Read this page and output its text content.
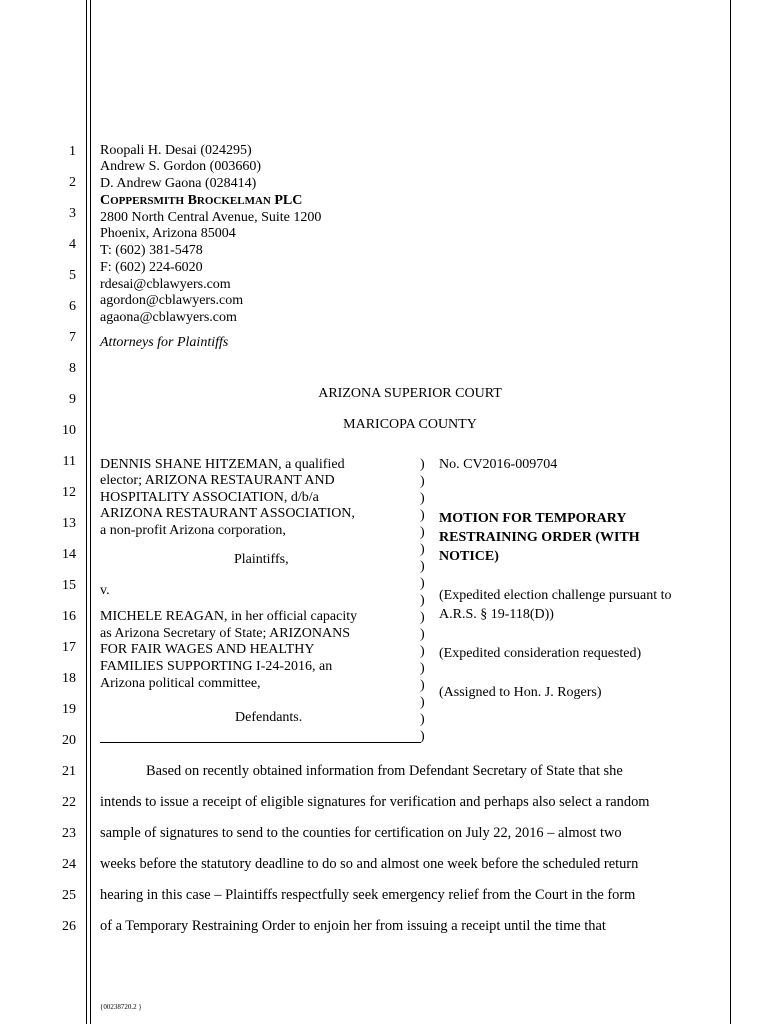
1
2
3
4
5
6
7
8
9
10
11
12
13
14
15
16
17
18
19
20
21
22
23
24
25
26
Roopali H. Desai (024295)
Andrew S. Gordon (003660)
D. Andrew Gaona (028414)
COPPERSMITH BROCKELMAN PLC
2800 North Central Avenue, Suite 1200
Phoenix, Arizona 85004
T: (602) 381-5478
F: (602) 224-6020
rdesai@cblawyers.com
agordon@cblawyers.com
agaona@cblawyers.com
Attorneys for Plaintiffs
ARIZONA SUPERIOR COURT
MARICOPA COUNTY
DENNIS SHANE HITZEMAN, a qualified
elector; ARIZONA RESTAURANT AND
HOSPITALITY ASSOCIATION, d/b/a
ARIZONA RESTAURANT ASSOCIATION,
a non-profit Arizona corporation,
Plaintiffs,
v.
MICHELE REAGAN, in her official capacity
as Arizona Secretary of State; ARIZONANS
FOR FAIR WAGES AND HEALTHY
FAMILIES SUPPORTING I-24-2016, an
Arizona political committee,
Defendants.
)
)
)
)
)
)
)
)
)
)
)
)
)
)
)
)
)
No. CV2016-009704
MOTION FOR TEMPORARY
RESTRAINING ORDER (WITH
NOTICE)
(Expedited election challenge pursuant to
A.R.S. § 19-118(D))
(Expedited consideration requested)
(Assigned to Hon. J. Rogers)
Based on recently obtained information from Defendant Secretary of State that she
intends to issue a receipt of eligible signatures for verification and perhaps also select a random
sample of signatures to send to the counties for certification on July 22, 2016 – almost two
weeks before the statutory deadline to do so and almost one week before the scheduled return
hearing in this case – Plaintiffs respectfully seek emergency relief from the Court in the form
of a Temporary Restraining Order to enjoin her from issuing a receipt until the time that
{00238720.2 }
